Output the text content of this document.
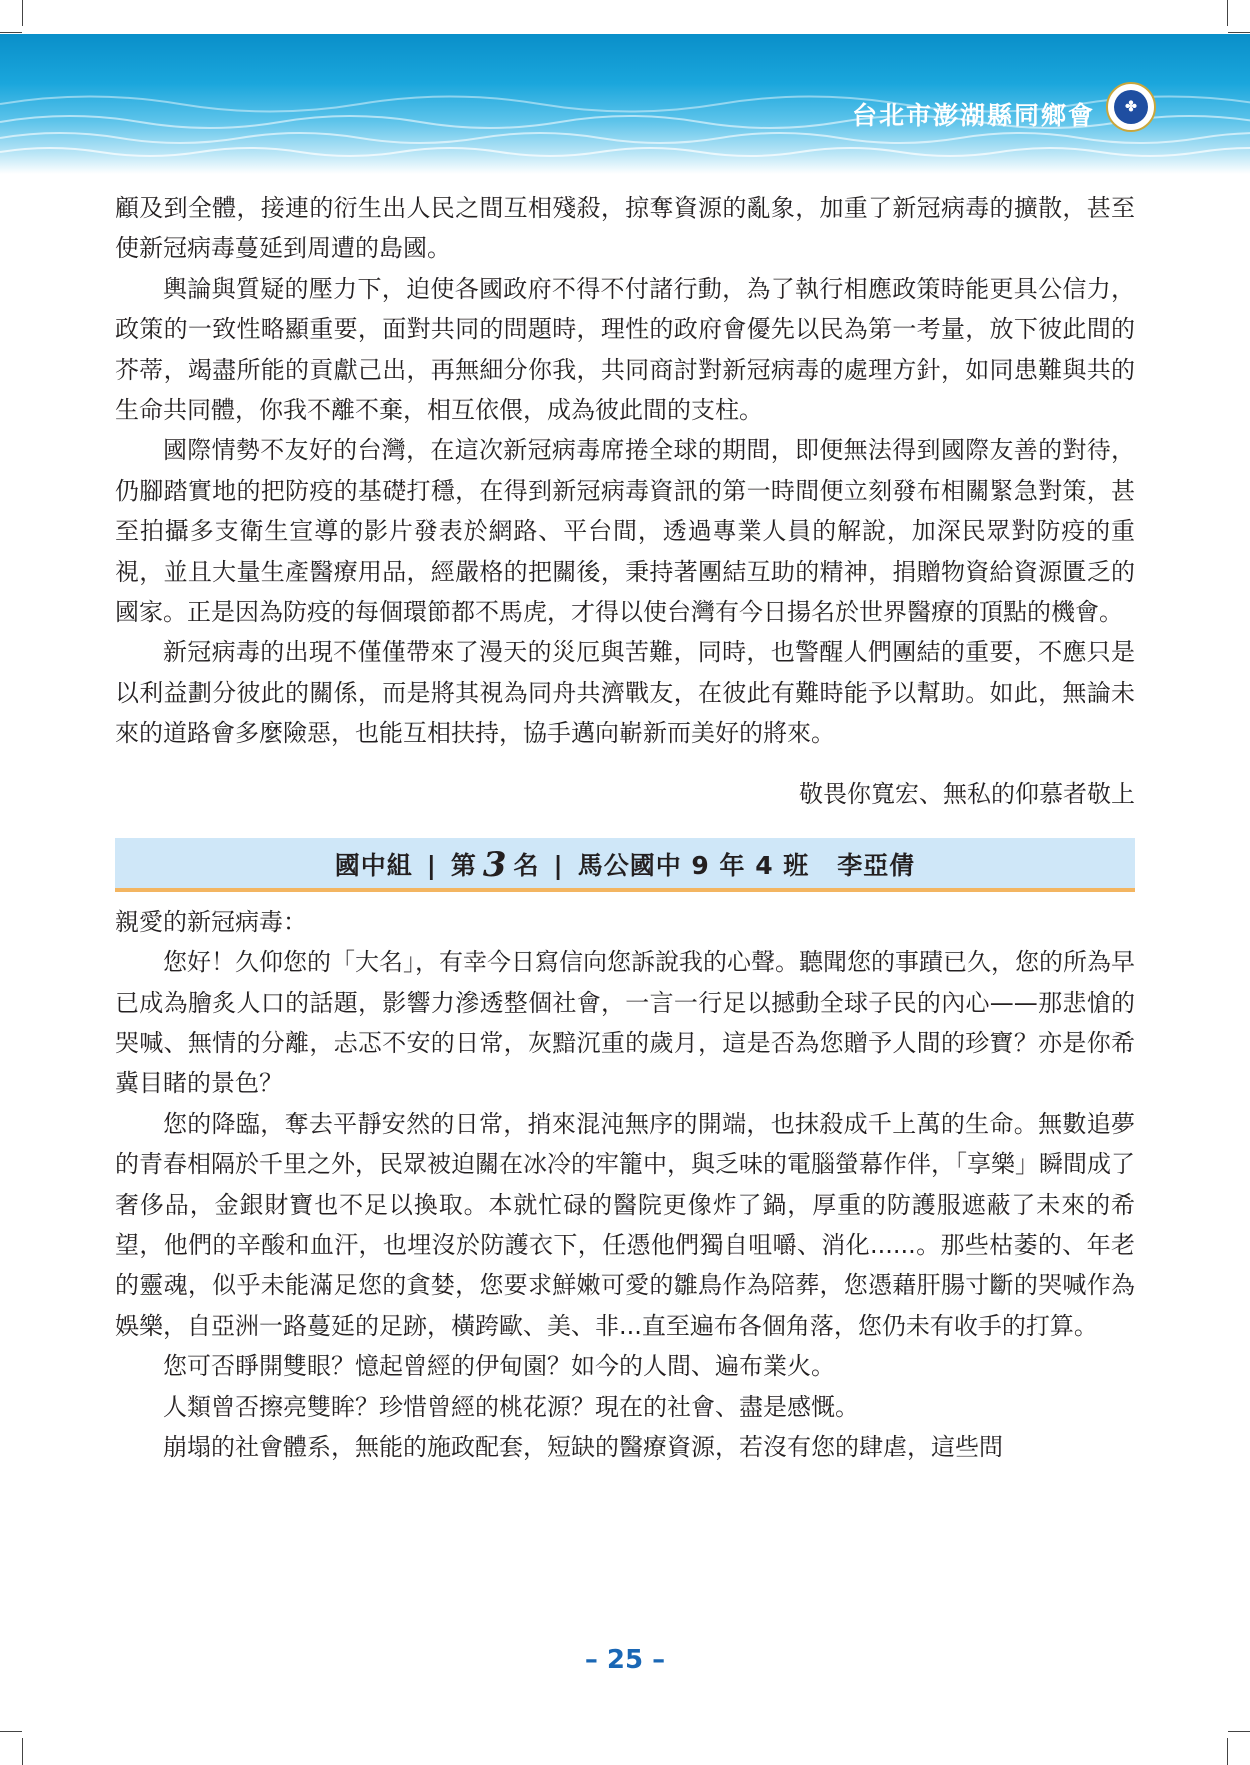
台北市澎湖縣同鄉會	✤

顧及到全體，接連的衍生出人民之間互相殘殺，掠奪資源的亂象，加重了新冠病毒的擴散，甚至使新冠病毒蔓延到周遭的島國。

輿論與質疑的壓力下，迫使各國政府不得不付諸行動，為了執行相應政策時能更具公信力，政策的一致性略顯重要，面對共同的問題時，理性的政府會優先以民為第一考量，放下彼此間的芥蒂，竭盡所能的貢獻己出，再無細分你我，共同商討對新冠病毒的處理方針，如同患難與共的生命共同體，你我不離不棄，相互依偎，成為彼此間的支柱。

國際情勢不友好的台灣，在這次新冠病毒席捲全球的期間，即便無法得到國際友善的對待，仍腳踏實地的把防疫的基礎打穩，在得到新冠病毒資訊的第一時間便立刻發布相關緊急對策，甚至拍攝多支衛生宣導的影片發表於網路、平台間，透過專業人員的解說，加深民眾對防疫的重視，並且大量生產醫療用品，經嚴格的把關後，秉持著團結互助的精神，捐贈物資給資源匱乏的國家。正是因為防疫的每個環節都不馬虎，才得以使台灣有今日揚名於世界醫療的頂點的機會。

新冠病毒的出現不僅僅帶來了漫天的災厄與苦難，同時，也警醒人們團結的重要，不應只是以利益劃分彼此的關係，而是將其視為同舟共濟戰友，在彼此有難時能予以幫助。如此，無論未來的道路會多麼險惡，也能互相扶持，協手邁向嶄新而美好的將來。

敬畏你寬宏、無私的仰慕者敬上

國中組 | 第 3 名 | 馬公國中 9 年 4 班 李亞倩

親愛的新冠病毒：

您好！久仰您的「大名」，有幸今日寫信向您訴說我的心聲。聽聞您的事蹟已久，您的所為早已成為膾炙人口的話題，影響力滲透整個社會，一言一行足以撼動全球子民的內心——那悲愴的哭喊、無情的分離，忐忑不安的日常，灰黯沉重的歲月，這是否為您贈予人間的珍寶？亦是你希冀目睹的景色？

您的降臨，奪去平靜安然的日常，捎來混沌無序的開端，也抹殺成千上萬的生命。無數追夢的青春相隔於千里之外，民眾被迫關在冰冷的牢籠中，與乏味的電腦螢幕作伴，「享樂」瞬間成了奢侈品，金銀財寶也不足以換取。本就忙碌的醫院更像炸了鍋，厚重的防護服遮蔽了未來的希望，他們的辛酸和血汗，也埋沒於防護衣下，任憑他們獨自咀嚼、消化......。那些枯萎的、年老的靈魂，似乎未能滿足您的貪婪，您要求鮮嫩可愛的雛鳥作為陪葬，您憑藉肝腸寸斷的哭喊作為娛樂，自亞洲一路蔓延的足跡，橫跨歐、美、非...直至遍布各個角落，您仍未有收手的打算。

您可否睜開雙眼？憶起曾經的伊甸園？如今的人間、遍布業火。

人類曾否擦亮雙眸？珍惜曾經的桃花源？現在的社會、盡是感慨。

崩塌的社會體系，無能的施政配套，短缺的醫療資源，若沒有您的肆虐，這些問

– 25 –
